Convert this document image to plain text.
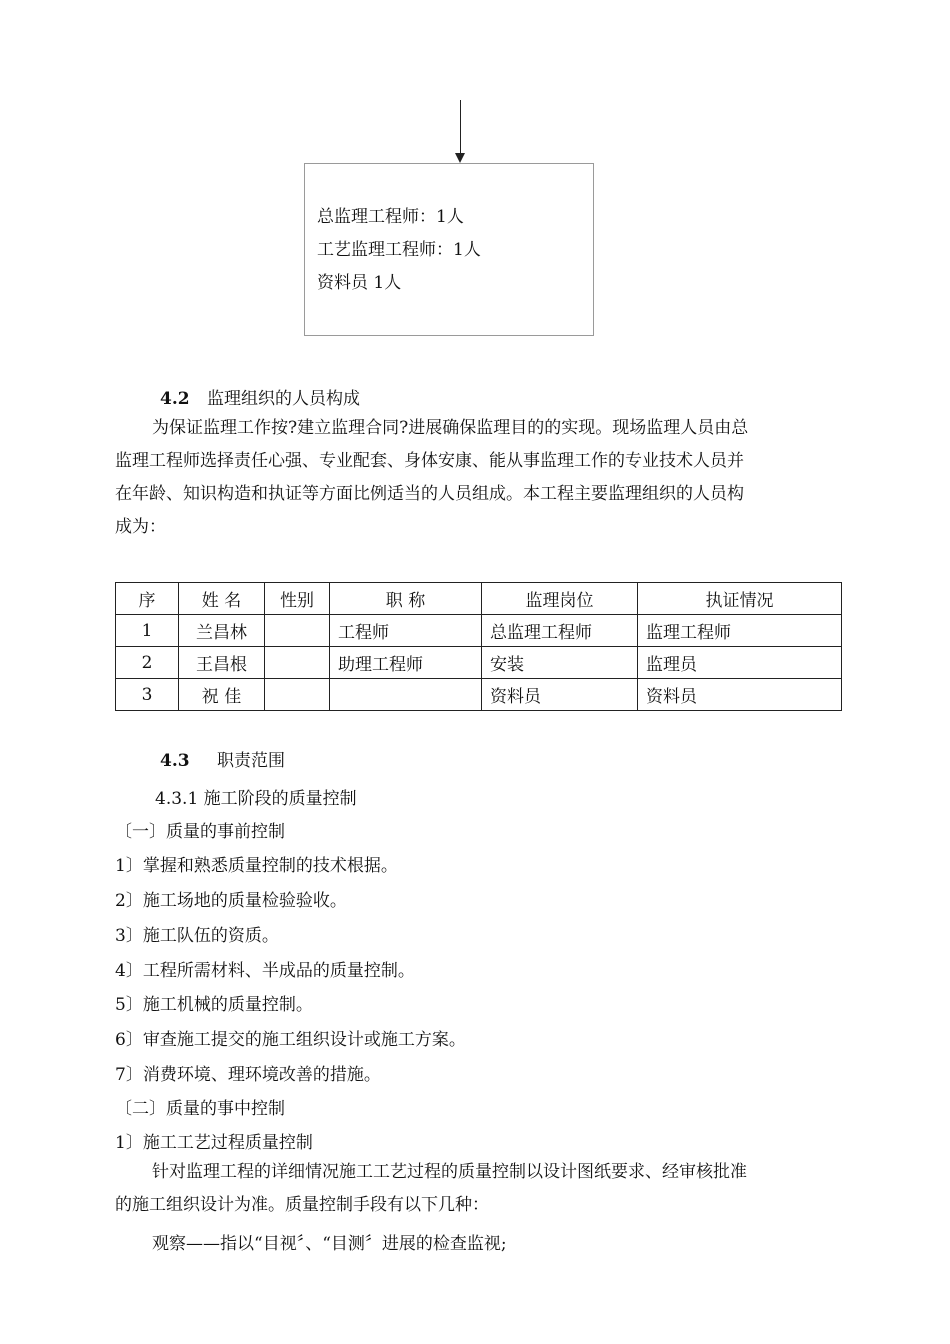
总监理工程师：1人
工艺监理工程师：1人
资料员 1人
4.2 监理组织的人员构成
为保证监理工作按?建立监理合同?进展确保监理目的的实现。现场监理人员由总
监理工程师选择责任心强、专业配套、身体安康、能从事监理工作的专业技术人员并
在年龄、知识构造和执证等方面比例适当的人员组成。本工程主要监理组织的人员构
成为：
序	姓 名	性别	职 称	监理岗位	执证情况
1	兰昌林		工程师	总监理工程师	监理工程师
2	王昌根		助理工程师	安装	监理员
3	祝 佳			资料员	资料员
4.3 职责范围
4.3.1 施工阶段的质量控制
〔一〕质量的事前控制
1〕掌握和熟悉质量控制的技术根据。
2〕施工场地的质量检验验收。
3〕施工队伍的资质。
4〕工程所需材料、半成品的质量控制。
5〕施工机械的质量控制。
6〕审查施工提交的施工组织设计或施工方案。
7〕消费环境、理环境改善的措施。
〔二〕质量的事中控制
1〕施工工艺过程质量控制
针对监理工程的详细情况施工工艺过程的质量控制以设计图纸要求、经审核批准
的施工组织设计为准。质量控制手段有以下几种：
观察——指以“目视〞、“目测〞进展的检查监视;
